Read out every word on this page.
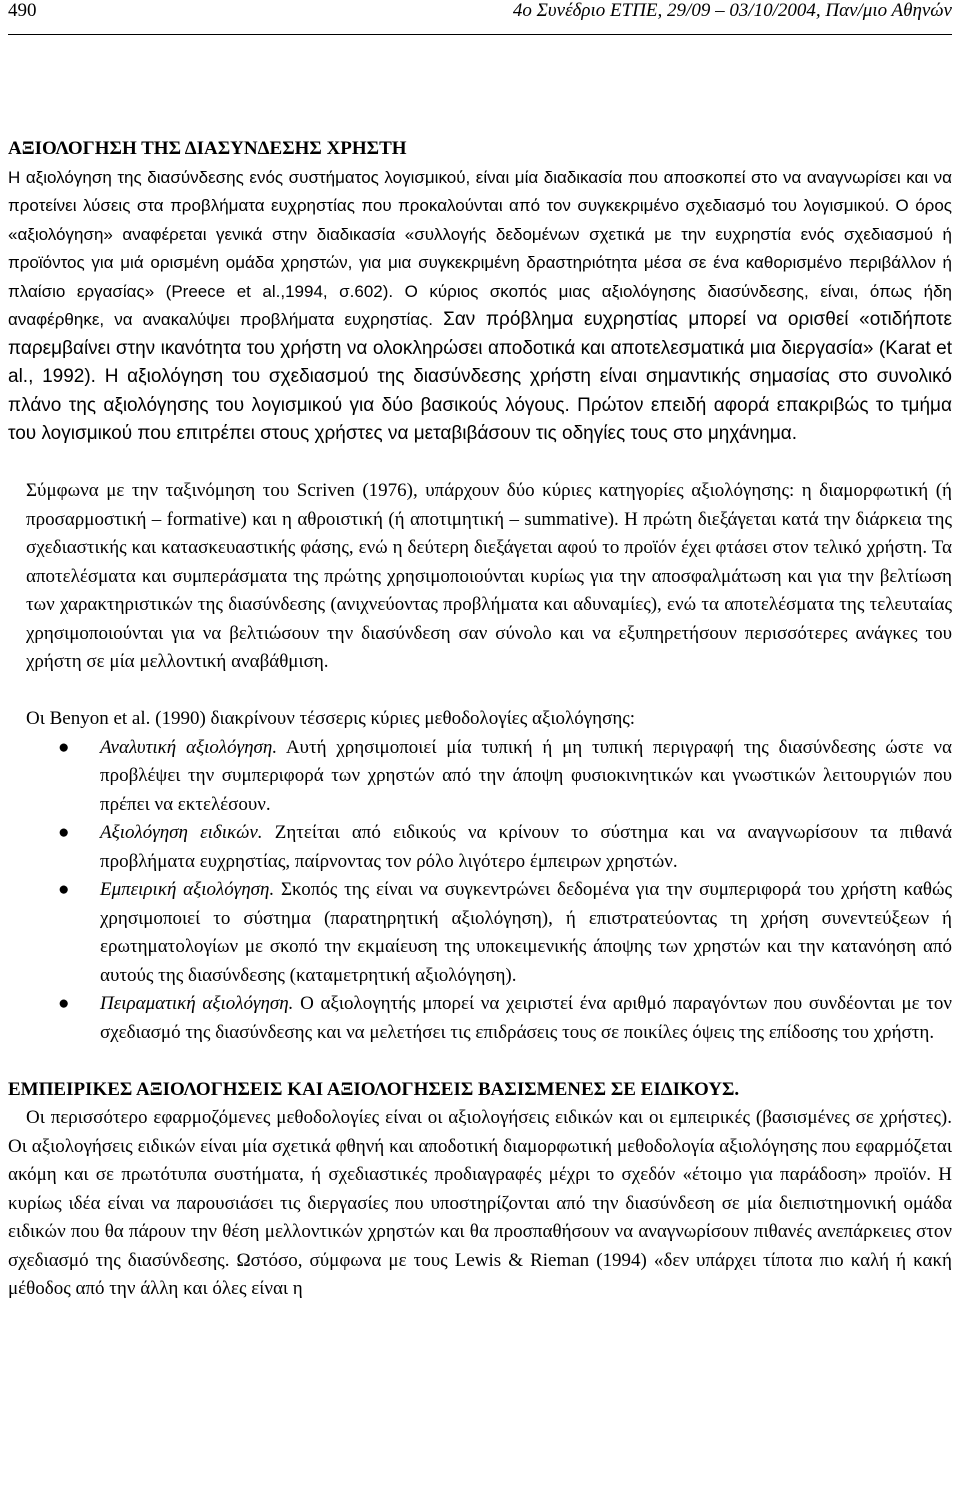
490	4ο Συνέδριο ΕΤΠΕ, 29/09 – 03/10/2004, Παν/μιο Αθηνών
ΑΞΙΟΛΟΓΗΣΗ ΤΗΣ ΔΙΑΣΥΝΔΕΣΗΣ ΧΡΗΣΤΗ

Η αξιολόγηση της διασύνδεσης ενός συστήματος λογισμικού, είναι μία διαδικασία που αποσκοπεί στο να αναγνωρίσει και να προτείνει λύσεις στα προβλήματα ευχρηστίας που προκαλούνται από τον συγκεκριμένο σχεδιασμό του λογισμικού. Ο όρος «αξιολόγηση» αναφέρεται γενικά στην διαδικασία «συλλογής δεδομένων σχετικά με την ευχρηστία ενός σχεδιασμού ή προϊόντος για μιά ορισμένη ομάδα χρηστών, για μια συγκεκριμένη δραστηριότητα μέσα σε ένα καθορισμένο περιβάλλον ή πλαίσιο εργασίας» (Preece et al.,1994, σ.602). Ο κύριος σκοπός μιας αξιολόγησης διασύνδεσης, είναι, όπως ήδη αναφέρθηκε, να ανακαλύψει προβλήματα ευχρηστίας. Σαν πρόβλημα ευχρηστίας μπορεί να ορισθεί «οτιδήποτε παρεμβαίνει στην ικανότητα του χρήστη να ολοκληρώσει αποδοτικά και αποτελεσματικά μια διεργασία» (Karat et al., 1992). Η αξιολόγηση του σχεδιασμού της διασύνδεσης χρήστη είναι σημαντικής σημασίας στο συνολικό πλάνο της αξιολόγησης του λογισμικού για δύο βασικούς λόγους. Πρώτον επειδή αφορά επακριβώς το τμήμα του λογισμικού που επιτρέπει στους χρήστες να μεταβιβάσουν τις οδηγίες τους στο μηχάνημα.

Σύμφωνα με την ταξινόμηση του Scriven (1976), υπάρχουν δύο κύριες κατηγορίες αξιολόγησης: η διαμορφωτική (ή προσαρμοστική – formative) και η αθροιστική (ή αποτιμητική – summative). Η πρώτη διεξάγεται κατά την διάρκεια της σχεδιαστικής και κατασκευαστικής φάσης, ενώ η δεύτερη διεξάγεται αφού το προϊόν έχει φτάσει στον τελικό χρήστη. Τα αποτελέσματα και συμπεράσματα της πρώτης χρησιμοποιούνται κυρίως για την αποσφαλμάτωση και για την βελτίωση των χαρακτηριστικών της διασύνδεσης (ανιχνεύοντας προβλήματα και αδυναμίες), ενώ τα αποτελέσματα της τελευταίας χρησιμοποιούνται για να βελτιώσουν την διασύνδεση σαν σύνολο και να εξυπηρετήσουν περισσότερες ανάγκες του χρήστη σε μία μελλοντική αναβάθμιση.

Οι Benyon et al. (1990) διακρίνουν τέσσερις κύριες μεθοδολογίες αξιολόγησης:

● Αναλυτική αξιολόγηση. Αυτή χρησιμοποιεί μία τυπική ή μη τυπική περιγραφή της διασύνδεσης ώστε να προβλέψει την συμπεριφορά των χρηστών από την άποψη φυσιοκινητικών και γνωστικών λειτουργιών που πρέπει να εκτελέσουν.
● Αξιολόγηση ειδικών. Ζητείται από ειδικούς να κρίνουν το σύστημα και να αναγνωρίσουν τα πιθανά προβλήματα ευχρηστίας, παίρνοντας τον ρόλο λιγότερο έμπειρων χρηστών.
● Εμπειρική αξιολόγηση. Σκοπός της είναι να συγκεντρώνει δεδομένα για την συμπεριφορά του χρήστη καθώς χρησιμοποιεί το σύστημα (παρατηρητική αξιολόγηση), ή επιστρατεύοντας τη χρήση συνεντεύξεων ή ερωτηματολογίων με σκοπό την εκμαίευση της υποκειμενικής άποψης των χρηστών και την κατανόηση από αυτούς της διασύνδεσης (καταμετρητική αξιολόγηση).
● Πειραματική αξιολόγηση. Ο αξιολογητής μπορεί να χειριστεί ένα αριθμό παραγόντων που συνδέονται με τον σχεδιασμό της διασύνδεσης και να μελετήσει τις επιδράσεις τους σε ποικίλες όψεις της επίδοσης του χρήστη.
ΕΜΠΕΙΡΙΚΕΣ ΑΞΙΟΛΟΓΗΣΕΙΣ ΚΑΙ ΑΞΙΟΛΟΓΗΣΕΙΣ ΒΑΣΙΣΜΕΝΕΣ ΣΕ ΕΙΔΙΚΟΥΣ.

Οι περισσότερο εφαρμοζόμενες μεθοδολογίες είναι οι αξιολογήσεις ειδικών και οι εμπειρικές (βασισμένες σε χρήστες). Οι αξιολογήσεις ειδικών είναι μία σχετικά φθηνή και αποδοτική διαμορφωτική μεθοδολογία αξιολόγησης που εφαρμόζεται ακόμη και σε πρωτότυπα συστήματα, ή σχεδιαστικές προδιαγραφές μέχρι το σχεδόν «έτοιμο για παράδοση» προϊόν. Η κυρίως ιδέα είναι να παρουσιάσει τις διεργασίες που υποστηρίζονται από την διασύνδεση σε μία διεπιστημονική ομάδα ειδικών που θα πάρουν την θέση μελλοντικών χρηστών και θα προσπαθήσουν να αναγνωρίσουν πιθανές ανεπάρκειες στον σχεδιασμό της διασύνδεσης. Ωστόσο, σύμφωνα με τους Lewis & Rieman (1994) «δεν υπάρχει τίποτα πιο καλή ή κακή μέθοδος από την άλλη και όλες είναι η
